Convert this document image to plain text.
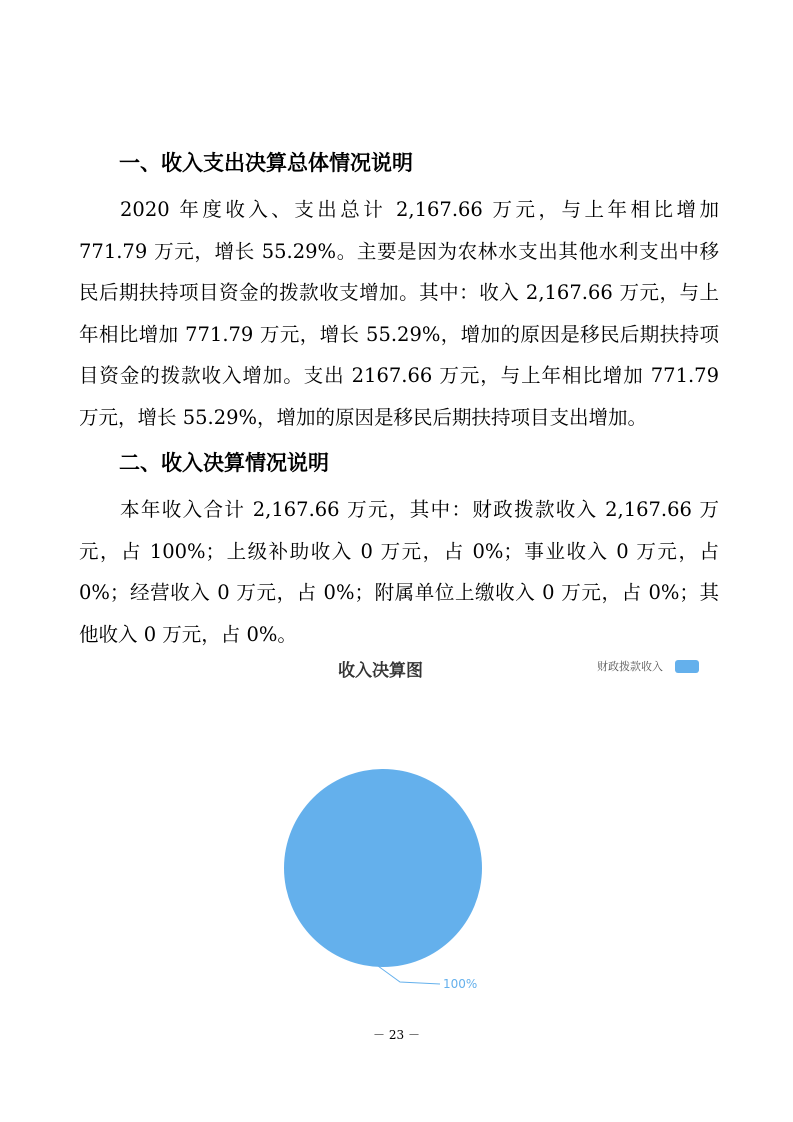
一、收入支出决算总体情况说明

2020 年度收入、支出总计 2,167.66 万元，与上年相比增加 771.79 万元，增长 55.29%。主要是因为农林水支出其他水利支出中移民后期扶持项目资金的拨款收支增加。其中：收入 2,167.66 万元，与上年相比增加 771.79 万元，增长 55.29%，增加的原因是移民后期扶持项目资金的拨款收入增加。支出 2167.66 万元，与上年相比增加 771.79 万元，增长 55.29%，增加的原因是移民后期扶持项目支出增加。

二、收入决算情况说明

本年收入合计 2,167.66 万元，其中：财政拨款收入 2,167.66 万元，占 100%；上级补助收入 0 万元，占 0%；事业收入 0 万元，占 0%；经营收入 0 万元，占 0%；附属单位上缴收入 0 万元，占 0%；其他收入 0 万元，占 0%。

收入决算图	财政拨款收入
100%

－ 23 －
